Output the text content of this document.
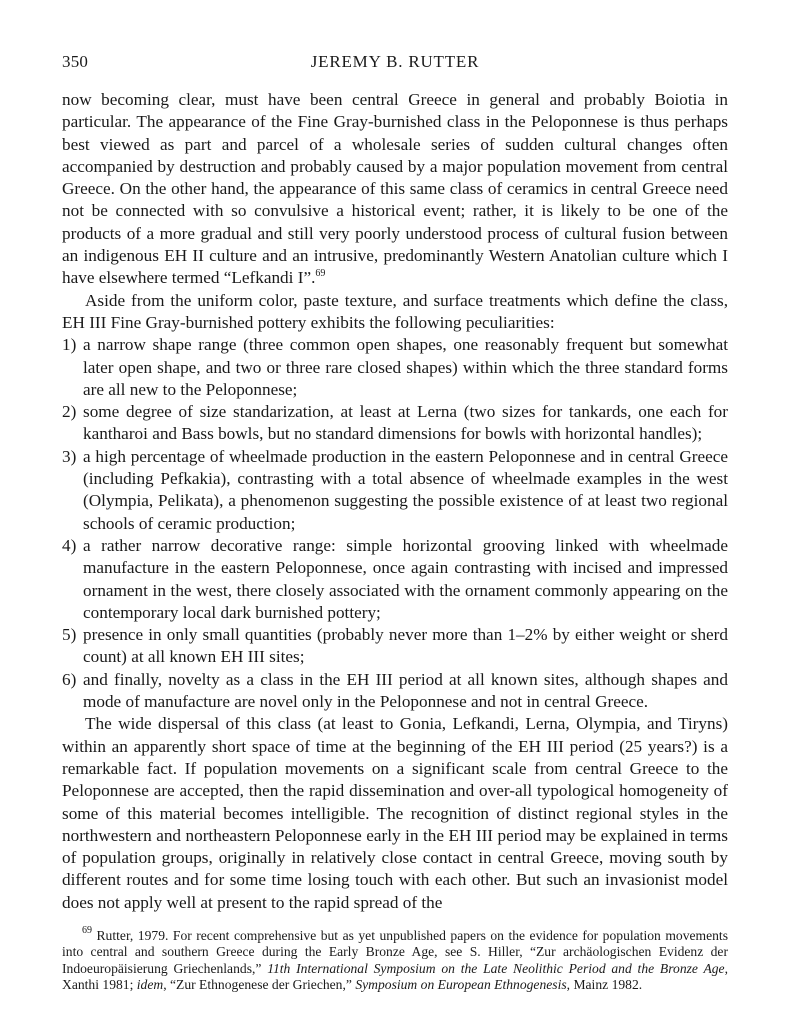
350	JEREMY B. RUTTER

now becoming clear, must have been central Greece in general and probably Boiotia in particular. The appearance of the Fine Gray-burnished class in the Peloponnese is thus perhaps best viewed as part and parcel of a wholesale series of sudden cultural changes often accompanied by destruction and probably caused by a major population movement from central Greece. On the other hand, the appearance of this same class of ceramics in central Greece need not be connected with so convulsive a historical event; rather, it is likely to be one of the products of a more gradual and still very poorly understood process of cultural fusion between an indigenous EH II culture and an intrusive, predominantly Western Anatolian culture which I have elsewhere termed “Lefkandi I”.$^{69}$

Aside from the uniform color, paste texture, and surface treatments which define the class, EH III Fine Gray-burnished pottery exhibits the following peculiarities:

1) a narrow shape range (three common open shapes, one reasonably frequent but somewhat later open shape, and two or three rare closed shapes) within which the three standard forms are all new to the Peloponnese;
2) some degree of size standarization, at least at Lerna (two sizes for tankards, one each for kantharoi and Bass bowls, but no standard dimensions for bowls with horizontal handles);
3) a high percentage of wheelmade production in the eastern Peloponnese and in central Greece (including Pefkakia), contrasting with a total absence of wheelmade examples in the west (Olympia, Pelikata), a phenomenon suggesting the possible existence of at least two regional schools of ceramic production;
4) a rather narrow decorative range: simple horizontal grooving linked with wheelmade manufacture in the eastern Peloponnese, once again contrasting with incised and impressed ornament in the west, there closely associated with the ornament commonly appearing on the contemporary local dark burnished pottery;
5) presence in only small quantities (probably never more than 1–2% by either weight or sherd count) at all known EH III sites;
6) and finally, novelty as a class in the EH III period at all known sites, although shapes and mode of manufacture are novel only in the Peloponnese and not in central Greece.

The wide dispersal of this class (at least to Gonia, Lefkandi, Lerna, Olympia, and Tiryns) within an apparently short space of time at the beginning of the EH III period (25 years?) is a remarkable fact. If population movements on a significant scale from central Greece to the Peloponnese are accepted, then the rapid dissemination and over-all typological homogeneity of some of this material becomes intelligible. The recognition of distinct regional styles in the northwestern and northeastern Peloponnese early in the EH III period may be explained in terms of population groups, originally in relatively close contact in central Greece, moving south by different routes and for some time losing touch with each other. But such an invasionist model does not apply well at present to the rapid spread of the

$^{69}$ Rutter, 1979. For recent comprehensive but as yet unpublished papers on the evidence for population movements into central and southern Greece during the Early Bronze Age, see S. Hiller, “Zur archäologischen Evidenz der Indoeuropäisierung Griechenlands,” 11th International Symposium on the Late Neolithic Period and the Bronze Age, Xanthi 1981; idem, “Zur Ethnogenese der Griechen,” Symposium on European Ethnogenesis, Mainz 1982.
